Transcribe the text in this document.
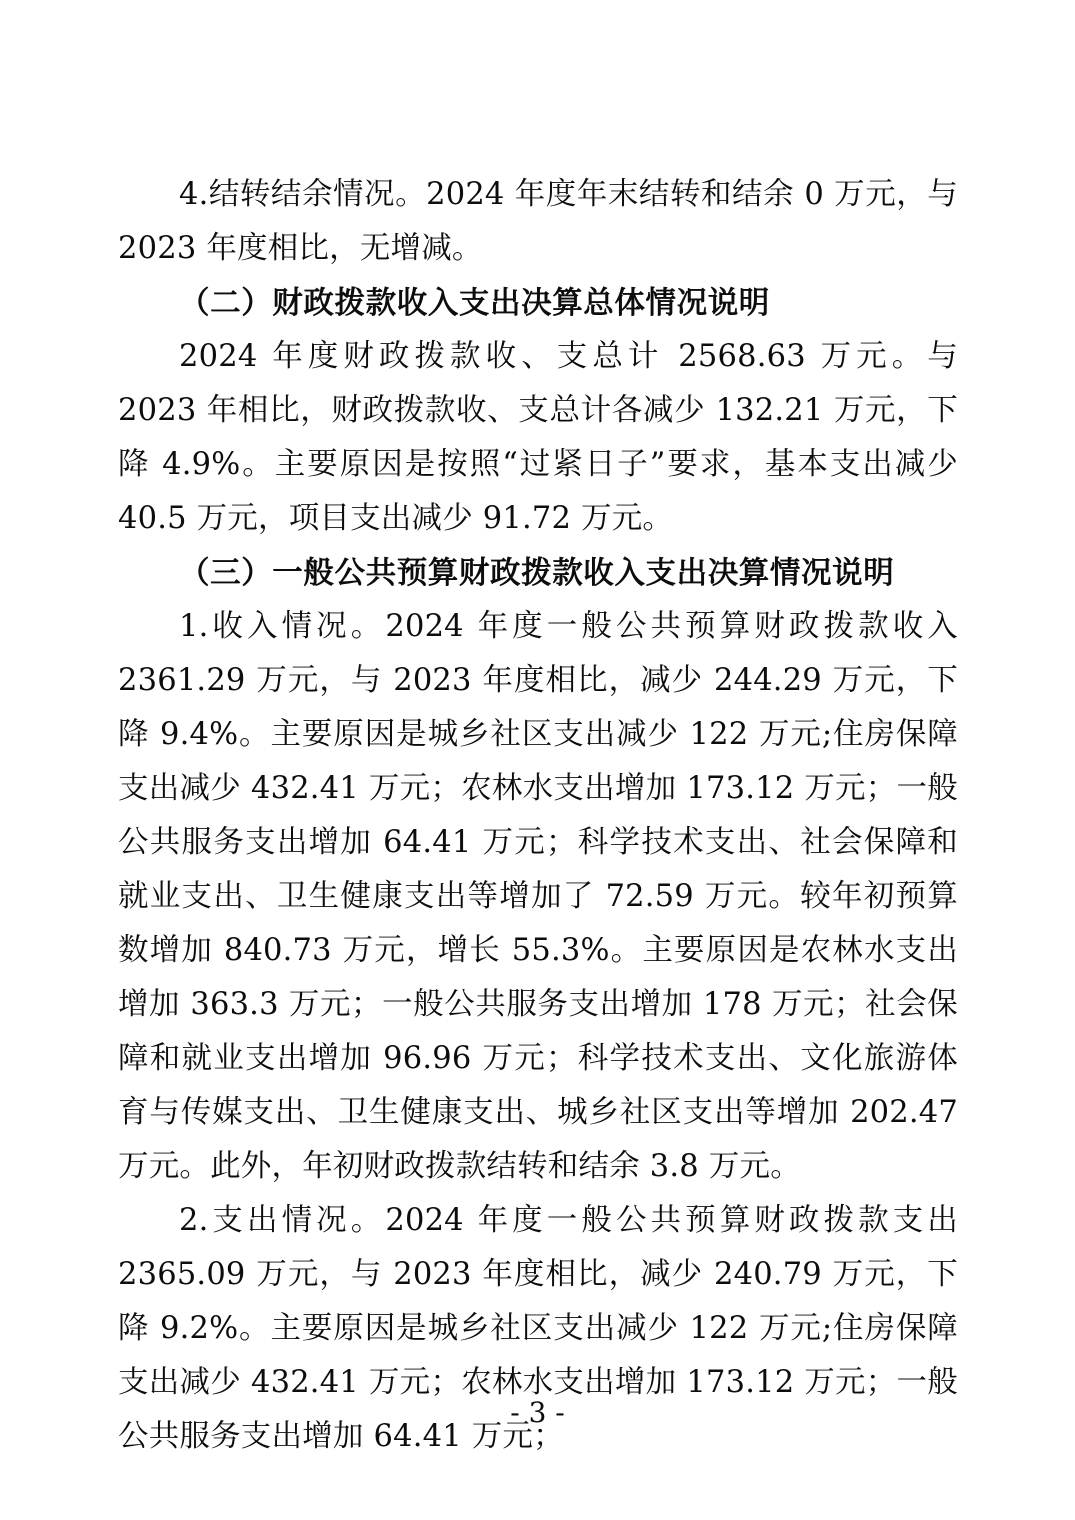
4.结转结余情况。2024 年度年末结转和结余 0 万元，与 2023 年度相比，无增减。

（二）财政拨款收入支出决算总体情况说明

2024 年度财政拨款收、支总计 2568.63 万元。与 2023 年相比，财政拨款收、支总计各减少 132.21 万元，下降 4.9%。主要原因是按照“过紧日子”要求，基本支出减少 40.5 万元，项目支出减少 91.72 万元。

（三）一般公共预算财政拨款收入支出决算情况说明

1.收入情况。2024 年度一般公共预算财政拨款收入 2361.29 万元，与 2023 年度相比，减少 244.29 万元，下降 9.4%。主要原因是城乡社区支出减少 122 万元;住房保障支出减少 432.41 万元；农林水支出增加 173.12 万元；一般公共服务支出增加 64.41 万元；科学技术支出、社会保障和就业支出、卫生健康支出等增加了 72.59 万元。较年初预算数增加 840.73 万元，增长 55.3%。主要原因是农林水支出增加 363.3 万元；一般公共服务支出增加 178 万元；社会保障和就业支出增加 96.96 万元；科学技术支出、文化旅游体育与传媒支出、卫生健康支出、城乡社区支出等增加 202.47 万元。此外，年初财政拨款结转和结余 3.8 万元。

2.支出情况。2024 年度一般公共预算财政拨款支出 2365.09 万元，与 2023 年度相比，减少 240.79 万元，下降 9.2%。主要原因是城乡社区支出减少 122 万元;住房保障支出减少 432.41 万元；农林水支出增加 173.12 万元；一般公共服务支出增加 64.41 万元；

- 3 -
